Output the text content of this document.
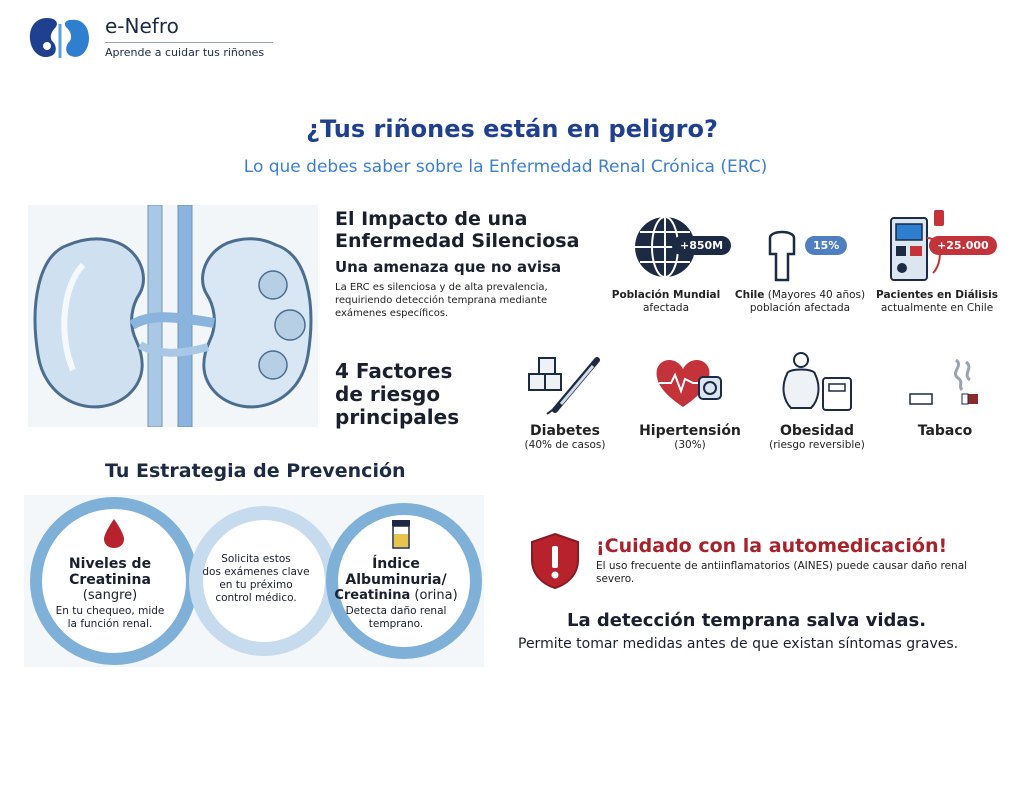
e-Nefro
Aprende a cuidar tus riñones
¿Tus riñones están en peligro?
Lo que debes saber sobre la Enfermedad Renal Crónica (ERC)
El Impacto de una
Enfermedad Silenciosa
Una amenaza que no avisa
La ERC es silenciosa y de alta prevalencia, requiriendo detección temprana mediante exámenes específicos.
+850M
Población Mundial
afectada
15%
Chile (Mayores 40 años)
población afectada
+25.000
Pacientes en Diálisis
actualmente en Chile
4 Factores
de riesgo
principales
Diabetes
(40% de casos)
Hipertensión
(30%)
Obesidad
(riesgo reversible)
Tabaco
Tu Estrategia de Prevención
Niveles de
Creatinina
(sangre)
En tu chequeo, mide
la función renal.
Solicita estos
dos exámenes clave
en tu préximo
control médico.
Índice
Albuminuria/
Creatinina (orina)
Detecta daño renal
temprano.
¡Cuidado con la automedicación!
El uso frecuente de antiinflamatorios (AINES) puede causar daño renal severo.
La detección temprana salva vidas.
Permite tomar medidas antes de que existan síntomas graves.
